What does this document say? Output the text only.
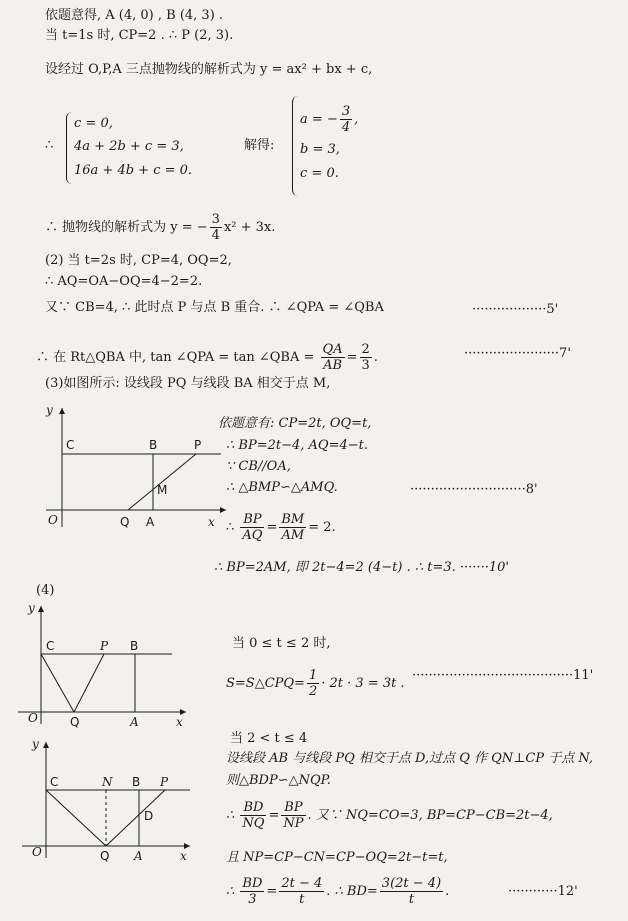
依题意得, A (4, 0) , B (4, 3) .
当 t=1s 时, CP=2 . ∴ P (2, 3).
设经过 O,P,A 三点抛物线的解析式为 y = ax² + bx + c,
∴
c = 0,
4a + 2b + c = 3,
16a + 4b + c = 0.
解得:
a = − $\frac{3}{4}$ ,
b = 3,
c = 0.
∴ 抛物线的解析式为 y = − $\frac{3}{4} x^2 + 3x$.
(2) 当 t=2s 时, CP=4, OQ=2,
∴ AQ=OA−OQ=4−2=2.
又∵ CB=4, ∴ 此时点 P 与点 B 重合. ∴ ∠QPA = ∠QBA	··················5'
∴ 在 Rt△QBA 中, tan ∠QPA = tan ∠QBA = $\frac{QA}{AB} = \frac{2}{3}$ .	·······················7'
(3)如图所示: 设线段 PQ 与线段 BA 相交于点 M,
y
C	B	P
M
O	Q A	x
依题意有: CP=2t, OQ=t,
∴ BP=2t−4, AQ=4−t.
∵ CB//OA,
∴ △BMP∽△AMQ.	····························8'
∴ $\frac{BP}{AQ} = \frac{BM}{AM} = 2$.
∴ BP=2AM, 即 2t−4=2 (4−t) . ∴ t=3. ·······10'
(4)
y
C	P B
O	Q	A	x
当 0 ≤ t ≤ 2 时,
S=S△CPQ= $\frac{1}{2} \cdot 2t \cdot 3 = 3t$ .
·······································11'
y
C	N B P
D
O	Q A	x
当 2 < t ≤ 4
设线段 AB 与线段 PQ 相交于点 D,过点 Q 作 QN⊥CP 于点 N,
则△BDP∽△NQP.
∴ $\frac{BD}{NQ} = \frac{BP}{NP}$ . 又∵ NQ=CO=3, BP=CP−CB=2t−4,
且 NP=CP−CN=CP−OQ=2t−t=t,
∴ $\frac{BD}{3} = \frac{2t - 4}{t}$ . ∴ $BD= \frac{3(2t - 4)}{t}$ .	············12'
